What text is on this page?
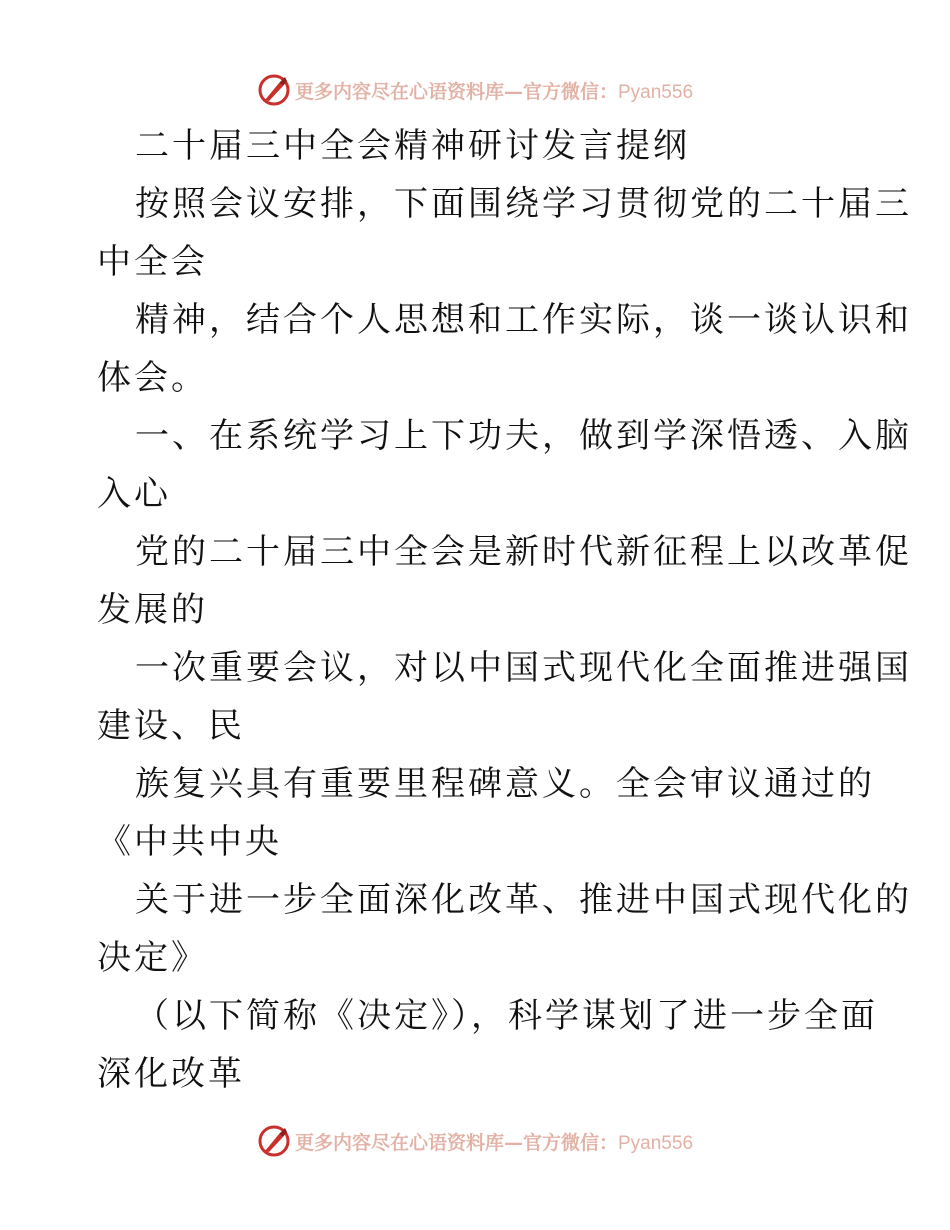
更多内容尽在心语资料库—官方微信：Pyan556
二十届三中全会精神研讨发言提纲
按照会议安排，下面围绕学习贯彻党的二十届三
中全会
精神，结合个人思想和工作实际，谈一谈认识和
体会。
一、在系统学习上下功夫，做到学深悟透、入脑
入心
党的二十届三中全会是新时代新征程上以改革促
发展的
一次重要会议，对以中国式现代化全面推进强国
建设、民
族复兴具有重要里程碑意义。全会审议通过的
《中共中央
关于进一步全面深化改革、推进中国式现代化的
决定》
（以下简称《决定》），科学谋划了进一步全面
深化改革
更多内容尽在心语资料库—官方微信：Pyan556
